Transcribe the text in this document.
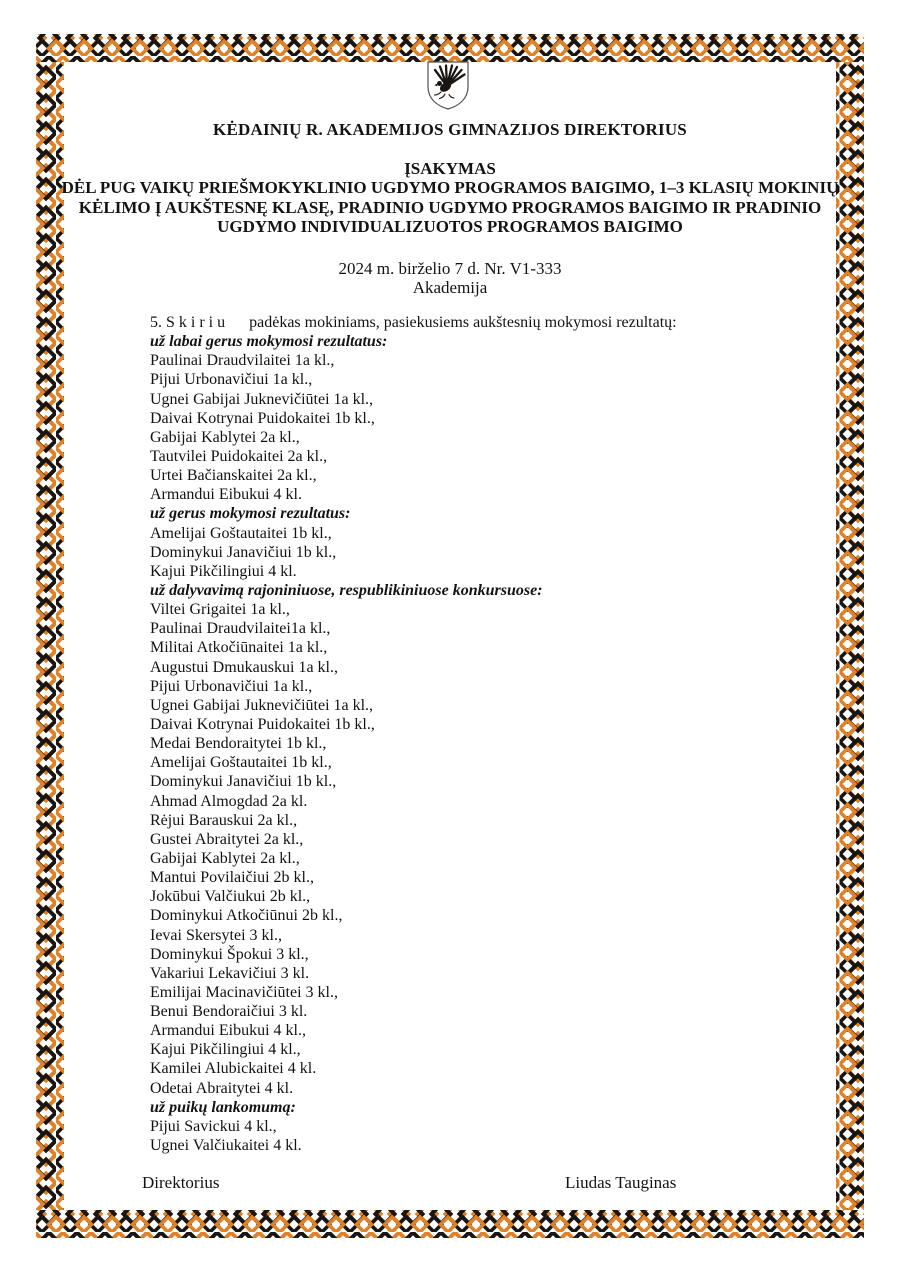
KĖDAINIŲ R. AKADEMIJOS GIMNAZIJOS DIREKTORIUS
ĮSAKYMAS
DĖL PUG VAIKŲ PRIEŠMOKYKLINIO UGDYMO PROGRAMOS BAIGIMO, 1–3 KLASIŲ MOKINIŲ
KĖLIMO Į AUKŠTESNĘ KLASĘ, PRADINIO UGDYMO PROGRAMOS BAIGIMO IR PRADINIO
UGDYMO INDIVIDUALIZUOTOS PROGRAMOS BAIGIMO
2024 m. birželio 7 d. Nr. V1-333
Akademija
5. S k i r i u      padėkas mokiniams, pasiekusiems aukštesnių mokymosi rezultatų:
už labai gerus mokymosi rezultatus:
Paulinai Draudvilaitei 1a kl.,
Pijui Urbonavičiui 1a kl.,
Ugnei Gabijai Juknevičiūtei 1a kl.,
Daivai Kotrynai Puidokaitei 1b kl.,
Gabijai Kablytei 2a kl.,
Tautvilei Puidokaitei 2a kl.,
Urtei Bačianskaitei 2a kl.,
Armandui Eibukui 4 kl.
už gerus mokymosi rezultatus:
Amelijai Goštautaitei 1b kl.,
Dominykui Janavičiui 1b kl.,
Kajui Pikčilingiui 4 kl.
už dalyvavimą rajoniniuose, respublikiniuose konkursuose:
Viltei Grigaitei 1a kl.,
Paulinai Draudvilaitei1a kl.,
Militai Atkočiūnaitei 1a kl.,
Augustui Dmukauskui 1a kl.,
Pijui Urbonavičiui 1a kl.,
Ugnei Gabijai Juknevičiūtei 1a kl.,
Daivai Kotrynai Puidokaitei 1b kl.,
Medai Bendoraitytei 1b kl.,
Amelijai Goštautaitei 1b kl.,
Dominykui Janavičiui 1b kl.,
Ahmad Almogdad 2a kl.
Rėjui Barauskui 2a kl.,
Gustei Abraitytei 2a kl.,
Gabijai Kablytei 2a kl.,
Mantui Povilaičiui 2b kl.,
Jokūbui Valčiukui 2b kl.,
Dominykui Atkočiūnui 2b kl.,
Ievai Skersytei 3 kl.,
Dominykui Špokui 3 kl.,
Vakariui Lekavičiui 3 kl.
Emilijai Macinavičiūtei 3 kl.,
Benui Bendoraičiui 3 kl.
Armandui Eibukui 4 kl.,
Kajui Pikčilingiui 4 kl.,
Kamilei Alubickaitei 4 kl.
Odetai Abraitytei 4 kl.
už puikų lankomumą:
Pijui Savickui 4 kl.,
Ugnei Valčiukaitei 4 kl.
Direktorius	Liudas Tauginas
